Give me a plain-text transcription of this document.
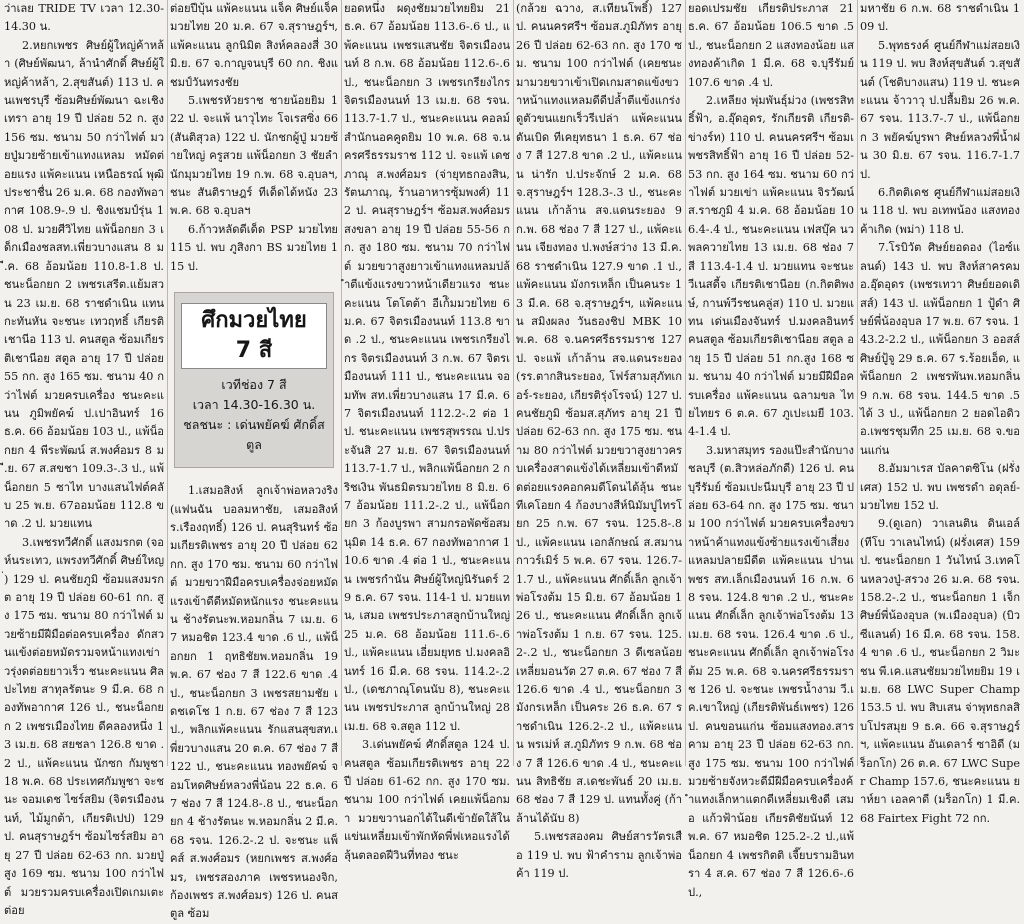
ว่าเลย TRIDE TV เวลา 12.30-14.30 น.

2.หยกเพชร ศิษย์ผู้ใหญ่ค้าหล้า (ศิษย์พัฒนา, ล้านำศักดิ์ ศิษย์ผู้ใหญ่ค้าหล้า, 2.สุขสันต์) 113 ป. คนเพชรบุรี ซ้อมศิษย์พัฒนา ฉะเชิงเทรา อายุ 19 ปี ปล่อย 52 ก. สูง 156 ซม. ชนาม 50 กว่าไฟต์ มวยปู่มวยซ้ายเข้าแทงแหลม หมัดต่อยแรง แพ้คะแนน เหนือธรณ์ พุฒิประชาชื่น 26 ม.ค. 68 กองทัพอากาศ 108.9-.9 ป. ชิงแชมป์รุ่น 108 ป. มวยศีวิไทย แพ้น็อกยก 3 เด็กเมืองชลสท.เพี่ยวบางแสน 8 มี.ค. 68 อ้อมน้อย 110.8-1.8 ป. ชนะน็อกยก 2 เพชรเสรีต.แย้มสวน 23 เม.ย. 68 ราชดำเนิน แทนกะทันหัน จะชนะ เทวฤทธิ์ เกียรติเชานีอ 113 ป. คนสตูล ซ้อมเกียรติเชานีอย สตูล อายุ 17 ปี ปล่อย 55 กก. สูง 165 ซม. ชนาม 40 กว่าไฟต์ มวยครบเครื่อง ชนะคะแนน ภูมิพยัคฆ์ ป.เปาอินทร์ 16 ธ.ค. 66 อ้อมน้อย 103 ป., แพ้น็อกยก 4 พีระพัฒน์ ส.พงศ์อมร 8 มี.ย. 67 ส.สขชา 109.3-.3 ป., แพ้น็อกยก 5 ซาไท บางแสนไฟต์คลับ 25 พ.ย. 67ออมน้อย 112.8 ขาด .2 ป. มวยแทน

3.เพชรทวีศักดิ์ แสงมรกต (จอห์นระเทว, แพรงทวีศักดิ์ ศิษย์ใหญ่) 129 ป. คนชัยภูมิ ซ้อมแสงมรกต อายุ 19 ปี ปล่อย 60-61 กก. สูง 175 ซม. ชนาม 80 กว่าไฟต์ มวยซ้ายมีฝีมือต่อครบเครื่อง ดักสวนแข้งต่อยหมัดรวมจหน้าแทงเข่าวรุ่งดต่อยยาวเร็ว ชนะคะแนน ศิลปะไทย สาทุลรัตนะ 9 มี.ค. 68 กองทัพอากาศ 126 ป., ชนะน็อกยก 2 เพชรเมืองไทย ดีคลองหนึ่ง 13 เม.ย. 68 สยชลา 126.8 ขาด .2 ป., แพ้คะแนน นักซก กัมพูชา 18 พ.ค. 68 ประเทศกัมพูชา จะชนะ จอมเดช ไซร์สยิม (จิตรเมืองนนท์, ไม้มูกต้า, เกียรติเปป) 129 ป. คนสุราษฎร์ฯ ซ้อมไซร์สยิม อายุ 27 ปี ปล่อย 62-63 กก. มวยปู่ สูง 169 ซม. ชนาม 100 กว่าไฟต์ มวยรวมครบเครื่องเปิดเกมเตะต่อย

ต่อยปีบุ้น แพ้คะแนน แจ็ค ศิษย์แจ็ค มวยไทย 20 ม.ค. 67 จ.สุราษฎร์ฯ, แพ้คะแนน ลูกนิมิต สิงห์คลองสี่ 30 มิ.ย. 67 จ.กาญจนบุรี 60 กก. ชิงแชมป์วันทรงชัย

5.เพชรหัวยราช ชายน้อยยิม 122 ป. จะแพ้ นาวุไทะ โจเรสซิ่ง 66 (สันติสุวล) 122 ป. นักชกผู้ปู่ มวยซ้ายใหญ่ ครูสวย แพ้น็อกยก 3 ชัยลำนักมุมวยไทย 19 ก.พ. 68 จ.อุบลฯ, ชนะ สันติราษฎร์ ทีเด็ดได้หนัง 23 พ.ค. 68 จ.อุบลฯ

6.ก้าวหลัดดีเด็ด PSP มวยไทย 115 ป. พบ ภูสิงกา BS มวยไทย 115 ป.

ศึกมวยไทย 7 สี
เวทีช่อง 7 สี
เวลา 14.30-16.30 น.
ชลชนะ : เด่นพยัคฆ์ ศักดิ์สตูล

1.เสมอสิงห์ ลูกเจ้าพ่อหลวงริง (แฟนฉัน บอลมหาชัย, เสมอสิงห์ ร.เรืองฤทธิ์) 126 ป. คนสุรินทร์ ซ้อมเกียรติเพชร อายุ 20 ปี ปล่อย 62 กก. สูง 170 ซม. ชนาม 60 กว่าไฟต์ มวยขวาฝีมือครบเครื่องจ่อยหมัดแรงเข้าดีดีหมัดหนักแรง ชนะคะแนน ช้างรัตนะพ.หอมกลิ่น 7 เม.ย. 67 หมอชิต 123.4 ขาด .6 ป., แพ้น็อกยก 1 ฤทธิชัยพ.หอมกลิ่น 19 พ.ค. 67 ช่อง 7 สี 122.6 ขาด .4 ป., ชนะน็อกยก 3 เพชรสยามชัย เดชเดโช 1 ก.ย. 67 ช่อง 7 สี 123 ป., พลิกแพ้คะแนน รักแสนสุขสท.เพี่ยวบางแสน 20 ต.ค. 67 ช่อง 7 สี 122 ป., ชนะคะแนน ทองพยัคฆ์ จอมโหดศิษย์หลวงพี่น้อน 22 ธ.ค. 67 ช่อง 7 สี 124.8-.8 ป., ชนะน็อกยก 4 ช้างรัตนะ พ.หอมกลิ่น 2 มี.ค. 68 รจน. 126.2-.2 ป. จะชนะ แพ็คส์ ส.พงศ์อมร (หยกเพชร ส.พงศ์อมร, เพชรสองภาค เพชรหนองจิก, ก้องเพชร ส.พงศ์อมร) 126 ป. คนสตูล ซ้อม

ยอดหนึ่ง ผดุงชัยมวยไทยยิม 21 ธ.ค. 67 อ้อมน้อย 113.6-.6 ป., แพ้คะแนน เพชรแสนชัย จิตรเมืองนนท์ 8 ก.พ. 68 อ้อมน้อย 112.6-.6 ป., ชนะน็อกยก 3 เพชรเกรียงไกร จิตรเมืองนนท์ 13 เม.ย. 68 รจน. 113.7-1.7 ป., ชนะคะแนน คอลม์ สำนักนอคคูดยิม 10 พ.ค. 68 จ.นครศรีธรรมราช 112 ป. จะแพ้ เดชภาณุ ส.พงศ์อมร (จ่ายุทธกองสิน, รัตนภาณุ, ร้านอาหารซุ้มพงศ์) 112 ป. คนสุราษฎร์ฯ ซ้อมส.พงศ์อมร สงขลา อายุ 19 ปี ปล่อย 55-56 กก. สูง 180 ซม. ชนาม 70 กว่าไฟต์ มวยขวาสูงยาวเข้าแทงแหลมปล้ำตีแข้งแรงขวาหน้าเดียวแรง ชนะคะแนน โตโตต้า อีเก้ิมมวยไทย 6 ม.ค. 67 จิตรเมืองนนท์ 113.8 ขาด .2 ป., ชนะคะแนน เพชรเกรียงไกร จิตรเมืองนนท์ 3 ก.พ. 67 จิตรเมืองนนท์ 111 ป., ชนะคะแนน จอมทัพ สท.เพี่ยวบางแสน 17 มี.ค. 67 จิตรเมืองนนท์ 112.2-.2 ต่อ 1 ป. ชนะคะแนน เพชรสุพรรณ ป.ประจันสิ 27 ม.ย. 67 จิตรเมืองนนท์ 113.7-1.7 ป., พลิกแพ้น็อกยก 2 กริชเงิน พันธมิตรมวยไทย 8 มิ.ย. 67 อ้อมน้อย 111.2-.2 ป., แพ้น็อกยก 3 ก้องบูรพา สามกรอพัดซ้อสมนุมิต 14 ธ.ค. 67 กองทัพอากาศ 110.6 ขาด .4 ต่อ 1 ป., ชนะคะแนน เพชรกำนัน ศิษย์ผู้ใหญ่นิรันดร์ 29 ธ.ค. 67 รจน. 114-1 ป. มวยแทน, เสมอ เพชรประภาสลูกบ้านใหญ่ 25 ม.ค. 68 อ้อมน้อย 111.6-.6 ป., แพ้คะแนน เอี่ยมยุทธ ป.มงคลอินทร์ 16 มี.ค. 68 รจน. 114.2-.2 ป., (เดชภาณุโดนนับ 8), ชนะคะแนน เพชรประภาส ลูกบ้านใหญ่ 28 เม.ย. 68 จ.สตูล 112 ป.

3.เด่นพยัคฆ์ ศักดิ์สตูล 124 ป. คนสตูล ซ้อมเกียรติเพชร อายุ 22 ปี ปล่อย 61-62 กก. สูง 170 ซม. ชนาม 100 กว่าไฟต์ เคยแพ้น็อกมา มวยขวานอกได้ในดีเข้ายัดใส้ในแข่นเหลี่ยมเข้าพักหัดพี่ฟเหอแรงได้ลุ้นตลอดฝีวินที่ทอง ชนะ

(กล้วย ฉวาง, ส.เทียนโพธิ์) 127 ป. คนนครศรีฯ ซ้อมส.ภูมิภัทร อายุ 26 ปี ปล่อย 62-63 กก. สูง 170 ซม. ชนาม 100 กว่าไฟต์ (เคยชนะมามวยขวาเข้าเปิดเกมสาดแข้งขวาหน้าแทงแหลมดีดีปล้ำตีแข้งแกร่งดูตัวขนแยกเร็วรีเปล่า แพ้คะแนน ดันเบิด ทีเคยุทธนา 1 ธ.ค. 67 ช่อง 7 สี 127.8 ขาด .2 ป., แพ้คะแนน น่ารัก ป.ประจักษ์ 2 ม.ค. 68 จ.สุราษฎร์ฯ 128.3-.3 ป., ชนะคะแนน เก้าล้าน สจ.แดนระยอง 9 ก.พ. 68 ช่อง 7 สี 127 ป., แพ้คะแนน เจียงทอง ป.พงษ์สว่าง 13 มี.ค. 68 ราชดำเนิน 127.9 ขาด .1 ป., แพ้คะแนน มังกรเหล็ก เป็นคนระ 13 มี.ค. 68 จ.สุราษฎร์ฯ, แพ้คะแนน สมิงผลง วันธองชิป MBK 10 พ.ค. 68 จ.นครศรีธรรมราช 127 ป. จะแพ้ เก้าล้าน สจ.แดนระยอง (รร.ตากสินระยอง, โฟร์สามสุภัทเกอร์-ระยอง, เกียรติรุ่งโรจน์) 127 ป. คนชัยภูมิ ซ้อมส.สุภัทร อายุ 21 ปี ปล่อย 62-63 กก. สูง 175 ซม. ชนาม 80 กว่าไฟต์ มวยขวาสูงยาวครบเครื่องสาดแข้งได้เหลี่ยมเข้าดีหมัดต่อยแรงคอกคมดีโดนได้ลุ้น ชนะทีเคโอยก 4 ก้องบางสีห์นิมัมปูไทรโยก 25 ก.พ. 67 รจน. 125.8-.8 ป., แพ้คะแนน เอกลักษณ์ ส.สมานกาวร์เมิร์ 5 พ.ค. 67 รจน. 126.7-1.7 ป., แพ้คะแนน ศักดิ์เล็ก ลูกเจ้าพ่อโรงต้ม 15 มิ.ย. 67 อ้อมน้อย 126 ป., ชนะคะแนน ศักดิ์เล็ก ลูกเจ้าพ่อโรงต้ม 1 ก.ย. 67 รจน. 125.2-.2 ป., ชนะน็อกยก 3 ดีเซลน้อย เหลี่ยมอนวัต 27 ต.ค. 67 ช่อง 7 สี 126.6 ขาด .4 ป., ชนะน็อกยก 3 มังกรเหล็ก เป็นคระ 26 ธ.ค. 67 ราชดำเนิน 126.2-.2 ป., แพ้คะแนน พรเม่ห์ ส.ภูมิภัทร 9 ก.พ. 68 ช่อง 7 สี 126.6 ขาด .4 ป., ชนะคะแนน สิทธิชัย ส.เดชะพันธ์ 20 เม.ย. 68 ช่อง 7 สี 129 ป. แทนทั้งคู่ (ก้าล้านได้นับ 8)

5.เพชรสองคม ศิษย์สารวัตรเสือ 119 ป. พบ ฟ้าคำราม ลูกเจ้าพ่อค้า 119 ป.

ยอดเปรมชัย เกียรติประภาส 21 ธ.ค. 67 อ้อมน้อย 106.5 ขาด .5 ป., ชนะน็อกยก 2 แสงทองน้อย แสงทองค้าเกิด 1 มี.ค. 68 จ.บุรีรัมย์ 107.6 ขาด .4 ป.

2.เหลียง พุ่มพันธุ์ม่วง (เพชรสิทธิ์ฟ้า, อ.อุ๊ดอุดร, รักเกียรติ เกียรติ-ข่างร์ท) 110 ป. คนนครศรีฯ ซ้อมเพชรสิทธิ์ฟ้า อายุ 16 ปี ปล่อย 52-53 กก. สูง 164 ซม. ชนาม 60 กว่าไฟต์ มวยเข่า แพ้คะแนน จิรวัฒน์ ส.ราชภูมิ 4 ม.ค. 68 อ้อมน้อย 106.4-.4 ป., ชนะคะแนน เฟสบุ๊ค นวพลควายไทย 13 เม.ย. 68 ช่อง 7 สี 113.4-1.4 ป. มวยแทน จะชนะ วีเนสดี้จ เกียรติเชานีอย (ก.กิตติพงษ์, กานพ์วีรชนคลู่ส) 110 ป. มวยแทน เด่นเมืองจันทร์ ป.มงคลอินทร์ คนสตูล ซ้อมเกียรติเชานีอย สตูล อายุ 15 ปี ปล่อย 51 กก.สูง 168 ซม. ชนาม 40 กว่าไฟต์ มวยมีฝีมือครบเครื่อง แพ้คะแนน ฉลามขล ไทยไทยร 6 ต.ค. 67 ภูเปะเมยี 103.4-1.4 ป.

3.มหาสมุทร รองแป๊ะสำนักบางชลบุรี (ต.สิวหล่อภักดี) 126 ป. คนบุรีรัมย์ ซ้อมเปะนีมบุรี อายุ 23 ปี ปล่อย 63-64 กก. สูง 175 ซม. ชนาม 100 กว่าไฟต์ มวยครบเครื่องขวาหน้าค้าแทงแข้งซ้ายแรงเข้าเสี่ยงแหลมปลายมีดีต แพ้คะแนน ปานเพชร สท.เล็กเมืองนนท์ 16 ก.พ. 68 รจน. 124.8 ขาด .2 ป., ชนะคะแนน ศักดิ์เล็ก ลูกเจ้าพ่อโรงต้ม 13 เม.ย. 68 รจน. 126.4 ขาด .6 ป., ชนะคะแนน ศักดิ์เล็ก ลูกเจ้าพ่อโรงต้ม 25 พ.ค. 68 จ.นครศรีธรรมราช 126 ป. จะชนะ เพชรน้ำงาม วี.เค.เขาใหญ่ (เกียรติพันธ์เพชร) 126 ป. คนขอนแก่น ซ้อมแสงทอง.สารคาม อายุ 23 ปี ปล่อย 62-63 กก. สูง 175 ซม. ชนาม 100 กว่าไฟต์ มวยซ้ายจังหวะดีมีฝีมือครบเครื่องค้ำแทงเล็กหาแตกดีเหลี่ยมเชิงดี เสมอ แก้วฟ้าน้อย เกียรติชัยนันท์ 12 พ.ค. 67 หมอชิต 125.2-.2 ป.,แพ้น็อกยก 4 เพชรกิตติ เจี๊ยบรามอินทรา 4 ส.ค. 67 ช่อง 7 สี 126.6-.6 ป.,

มหาชัย 6 ก.พ. 68 ราชดำเนิน 109 ป.

5.พุทธรงค์ ศูนย์กีฬาแม่สอยเงิน 119 ป. พบ สิงห์สุขสันต์ ว.สุขสันต์ (โชติบางแสน) 119 ป. ชนะคะแนน จ้าวาวุ ป.ปลื้มยิม 26 พ.ค. 67 รจน. 113.7-.7 ป., แพ้น็อกยก 3 พยัคฆ์บูรพา ศิษย์หลวงพี่น้ำฝน 30 มิ.ย. 67 รจน. 116.7-1.7 ป.

6.กิตติเดช ศูนย์กีฬาแม่สอยเงิน 118 ป. พบ อเทพน้อง แสงทองค้าเกิด (พม่า) 118 ป.

7.โรบิวัต ศิษย์ยอดอง (ไอซ์แลนด์) 143 ป. พบ สิงห์สาครคม อ.อุ๊ดอุดร (เพชรเทวา ศิษย์ยอดเดิสส์) 143 ป. แพ้น็อกยก 1 ปู้ดำ ศิษย์พี่น้องอุบล 17 พ.ย. 67 รจน. 143.2-2.2 ป., แพ้น็อกยก 3 ออสส์ ศิษย์ปู้จู 29 ธ.ค. 67 ร.ร้อยเอ็ด, แพ้น็อกยก 2 เพชรพันพ.หอมกลิ่น 9 ก.พ. 68 รจน. 144.5 ขาด .5 ได้ 3 ป., แพ้น็อกยก 2 ยอดไอดิว อ.เพชรชุมทีก 25 เม.ย. 68 จ.ขอนแก่น

8.อัมมาเรส บัลคาตซิโน (ฝรั่งเศส) 152 ป. พบ เพชรดำ อดุลย์-มวยไทย 152 ป.

9.(ดูเอก) วาเลนติน ดินเอล์ (ทีโบ วาเลนไทน์) (ฝรั่งเศส) 159 ป. ชนะน็อกยก 1 วันไทน์ 3.เทคโนหลวงปู่-สรวง 26 ม.ค. 68 รจน. 158.2-.2 ป., ชนะน็อกยก 1 เจ็ก ศิษย์พี่น้องอุบล (พ.เมืองอุบล) (บิวซีแลนด์) 16 มี.ค. 68 รจน. 158.4 ขาด .6 ป., ชนะน็อกยก 2 วิมะชน พี.เค.แสนชัยมวยไทยยิม 19 เม.ย. 68 LWC Super Champ 153.5 ป. พบ สิบเสน จ่าพุทธกลสิบโปรสมุย 9 ธ.ค. 66 จ.สุราษฎร์ฯ, แพ้คะแนน อันเดลาร์ ซาอิดี (มร็อกโก) 26 ต.ค. 67 LWC Super Champ 157.6, ชนะคะแนน ยาห์ยา เอลคาดี (มร็อกโก) 1 มี.ค. 68 Fairtex Fight 72 กก.
